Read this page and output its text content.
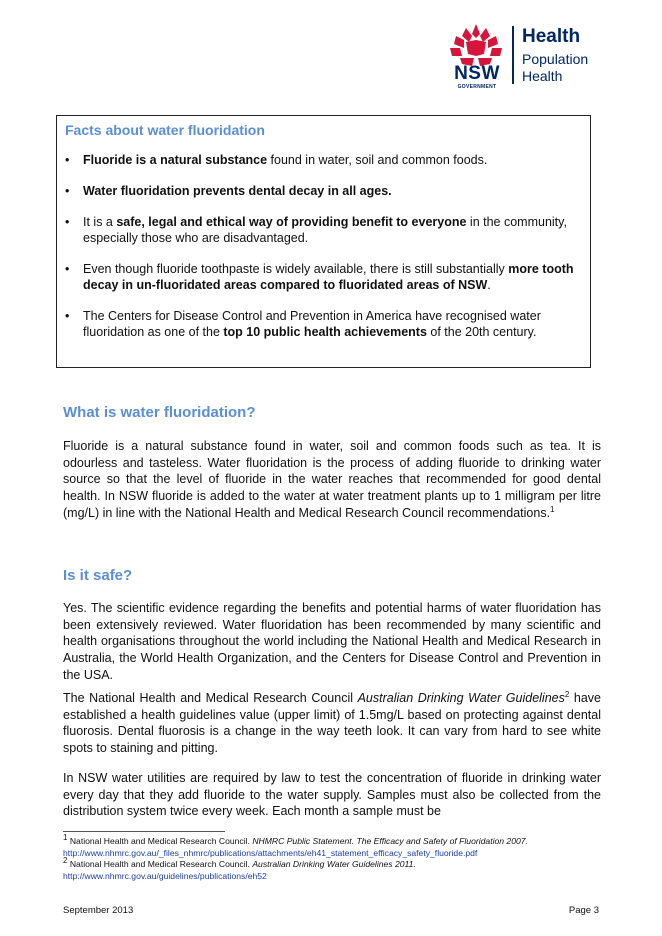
NSW
GOVERNMENT
Health
Population
Health
Facts about water fluoridation
• Fluoride is a natural substance found in water, soil and common foods.
• Water fluoridation prevents dental decay in all ages.
• It is a safe, legal and ethical way of providing benefit to everyone in the community, especially those who are disadvantaged.
• Even though fluoride toothpaste is widely available, there is still substantially more tooth decay in un-fluoridated areas compared to fluoridated areas of NSW.
• The Centers for Disease Control and Prevention in America have recognised water fluoridation as one of the top 10 public health achievements of the 20th century.
What is water fluoridation?

Fluoride is a natural substance found in water, soil and common foods such as tea. It is odourless and tasteless. Water fluoridation is the process of adding fluoride to drinking water source so that the level of fluoride in the water reaches that recommended for good dental health. In NSW fluoride is added to the water at water treatment plants up to 1 milligram per litre (mg/L) in line with the National Health and Medical Research Council recommendations.$^1$

Is it safe?

Yes. The scientific evidence regarding the benefits and potential harms of water fluoridation has been extensively reviewed. Water fluoridation has been recommended by many scientific and health organisations throughout the world including the National Health and Medical Research in Australia, the World Health Organization, and the Centers for Disease Control and Prevention in the USA.

The National Health and Medical Research Council Australian Drinking Water Guidelines$^2$ have established a health guidelines value (upper limit) of 1.5mg/L based on protecting against dental fluorosis. Dental fluorosis is a change in the way teeth look. It can vary from hard to see white spots to staining and pitting.

In NSW water utilities are required by law to test the concentration of fluoride in drinking water every day that they add fluoride to the water supply. Samples must also be collected from the distribution system twice every week. Each month a sample must be

$^1$ National Health and Medical Research Council. NHMRC Public Statement. The Efficacy and Safety of Fluoridation 2007.
http://www.nhmrc.gov.au/_files_nhmrc/publications/attachments/eh41_statement_efficacy_safety_fluoride.pdf
$^2$ National Health and Medical Research Council. Australian Drinking Water Guidelines 2011.
http://www.nhmrc.gov.au/guidelines/publications/eh52
September 2013	Page 3
